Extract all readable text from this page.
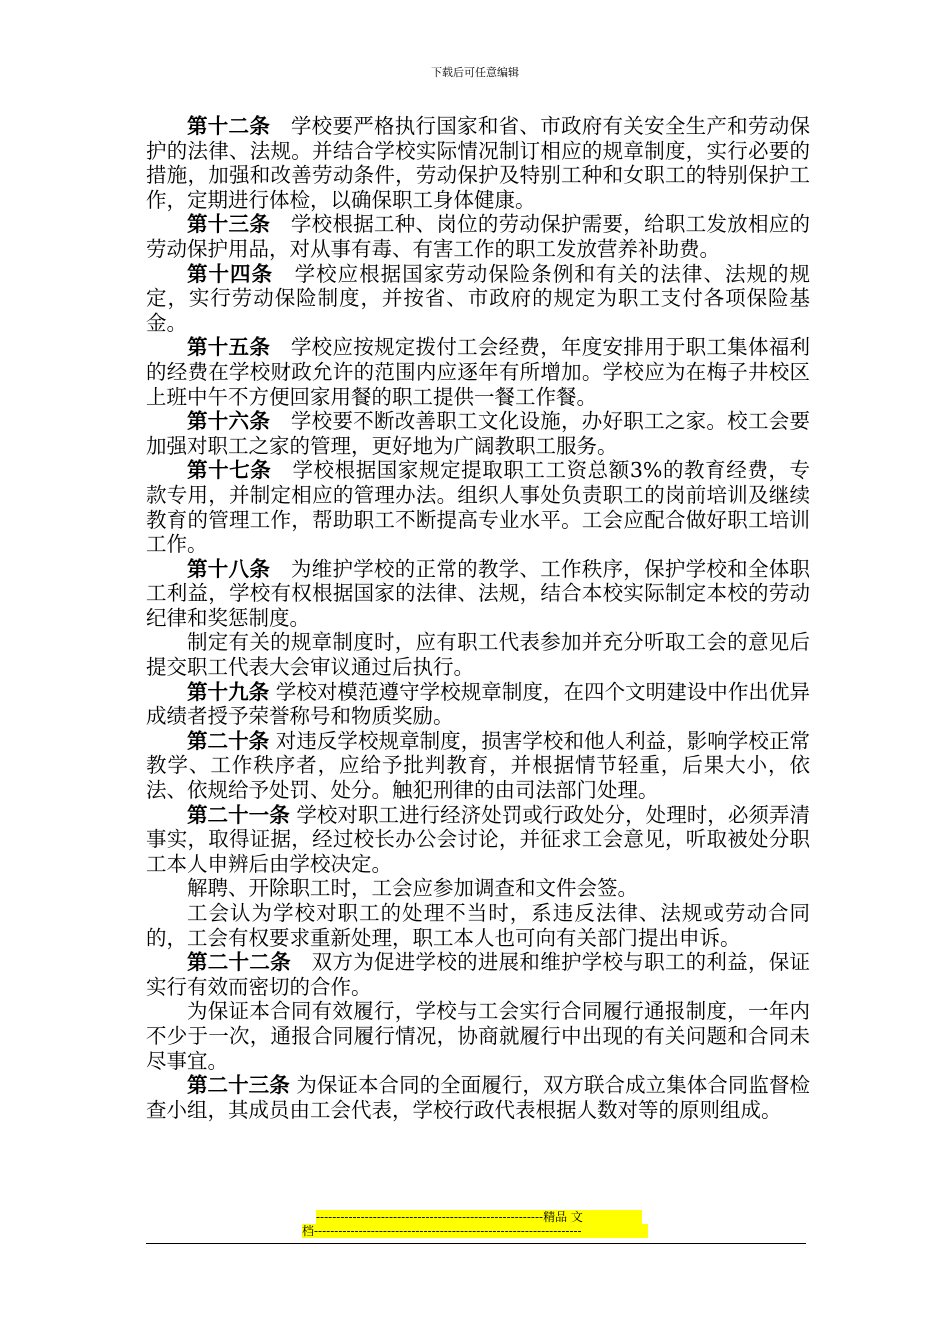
下载后可任意编辑

第十二条　 学校要严格执行国家和省、市政府有关安全生产和劳动保护的法律、法规。并结合学校实际情况制订相应的规章制度，实行必要的措施，加强和改善劳动条件，劳动保护及特别工种和女职工的特别保护工作，定期进行体检，以确保职工身体健康。

第十三条　 学校根据工种、岗位的劳动保护需要，给职工发放相应的劳动保护用品，对从事有毒、有害工作的职工发放营养补助费。

第十四条　 学校应根据国家劳动保险条例和有关的法律、法规的规定，实行劳动保险制度，并按省、市政府的规定为职工支付各项保险基金。

第十五条　 学校应按规定拨付工会经费，年度安排用于职工集体福利的经费在学校财政允许的范围内应逐年有所增加。学校应为在梅子井校区上班中午不方便回家用餐的职工提供一餐工作餐。

第十六条　 学校要不断改善职工文化设施，办好职工之家。校工会要加强对职工之家的管理，更好地为广阔教职工服务。

第十七条　 学校根据国家规定提取职工工资总额3%的教育经费，专款专用，并制定相应的管理办法。组织人事处负责职工的岗前培训及继续教育的管理工作，帮助职工不断提高专业水平。工会应配合做好职工培训工作。

第十八条　 为维护学校的正常的教学、工作秩序，保护学校和全体职工利益，学校有权根据国家的法律、法规，结合本校实际制定本校的劳动纪律和奖惩制度。

制定有关的规章制度时，应有职工代表参加并充分听取工会的意见后提交职工代表大会审议通过后执行。

第十九条 学校对模范遵守学校规章制度，在四个文明建设中作出优异成绩者授予荣誉称号和物质奖励。

第二十条 对违反学校规章制度，损害学校和他人利益，影响学校正常教学、工作秩序者，应给予批判教育，并根据情节轻重，后果大小，依法、依规给予处罚、处分。触犯刑律的由司法部门处理。

第二十一条 学校对职工进行经济处罚或行政处分，处理时，必须弄清事实，取得证据，经过校长办公会讨论，并征求工会意见，听取被处分职工本人申辨后由学校决定。

解聘、开除职工时，工会应参加调查和文件会签。

工会认为学校对职工的处理不当时，系违反法律、法规或劳动合同的，工会有权要求重新处理，职工本人也可向有关部门提出申诉。

第二十二条　 双方为促进学校的进展和维护学校与职工的利益，保证实行有效而密切的合作。

为保证本合同有效履行，学校与工会实行合同履行通报制度，一年内不少于一次，通报合同履行情况，协商就履行中出现的有关问题和合同未尽事宜。

第二十三条 为保证本合同的全面履行，双方联合成立集体合同监督检查小组，其成员由工会代表，学校行政代表根据人数对等的原则组成。

--------------------------------------------------------精品 文
档------------------------------------------------------------------
